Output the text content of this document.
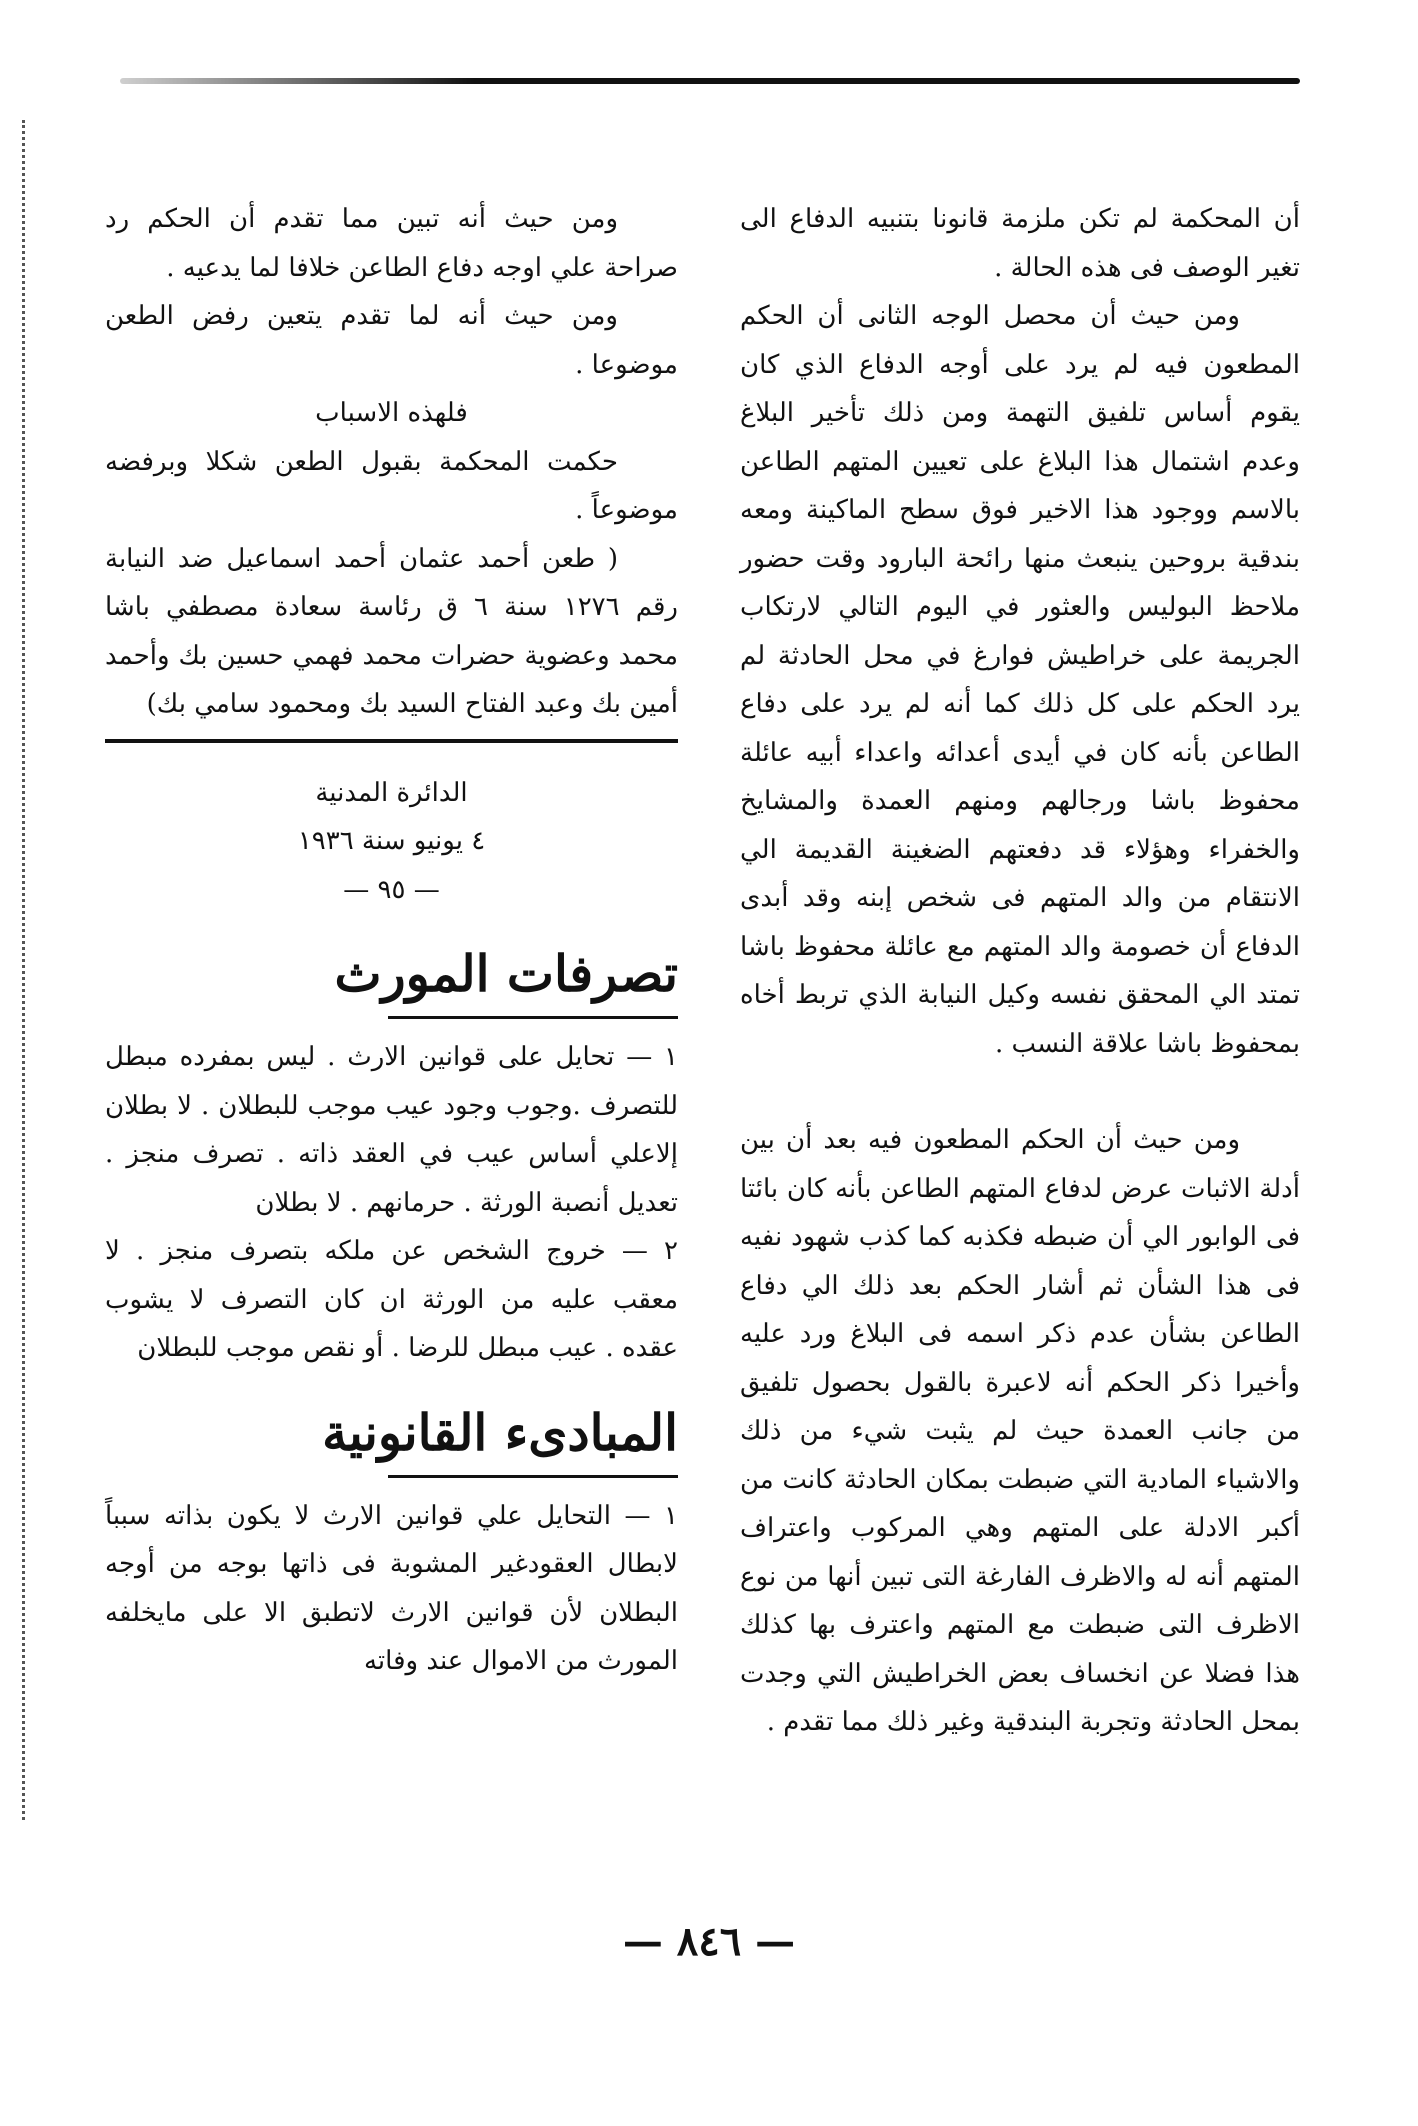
أن المحكمة لم تكن ملزمة قانونا بتنبيه الدفاع الى تغير الوصف فى هذه الحالة .

ومن حيث أن محصل الوجه الثانى أن الحكم المطعون فيه لم يرد على أوجه الدفاع الذي كان يقوم أساس تلفيق التهمة ومن ذلك تأخير البلاغ وعدم اشتمال هذا البلاغ على تعيين المتهم الطاعن بالاسم ووجود هذا الاخير فوق سطح الماكينة ومعه بندقية بروحين ينبعث منها رائحة البارود وقت حضور ملاحظ البوليس والعثور في اليوم التالي لارتكاب الجريمة على خراطيش فوارغ في محل الحادثة لم يرد الحكم على كل ذلك كما أنه لم يرد على دفاع الطاعن بأنه كان في أيدى أعدائه واعداء أبيه عائلة محفوظ باشا ورجالهم ومنهم العمدة والمشايخ والخفراء وهؤلاء قد دفعتهم الضغينة القديمة الي الانتقام من والد المتهم فى شخص إبنه وقد أبدى الدفاع أن خصومة والد المتهم مع عائلة محفوظ باشا تمتد الي المحقق نفسه وكيل النيابة الذي تربط أخاه بمحفوظ باشا علاقة النسب .

ومن حيث أن الحكم المطعون فيه بعد أن بين أدلة الاثبات عرض لدفاع المتهم الطاعن بأنه كان بائتا فى الوابور الي أن ضبطه فكذبه كما كذب شهود نفيه فى هذا الشأن ثم أشار الحكم بعد ذلك الي دفاع الطاعن بشأن عدم ذكر اسمه فى البلاغ ورد عليه وأخيرا ذكر الحكم أنه لاعبرة بالقول بحصول تلفيق من جانب العمدة حيث لم يثبت شيء من ذلك والاشياء المادية التي ضبطت بمكان الحادثة كانت من أكبر الادلة على المتهم وهي المركوب واعتراف المتهم أنه له والاظرف الفارغة التى تبين أنها من نوع الاظرف التى ضبطت مع المتهم واعترف بها كذلك هذا فضلا عن انخساف بعض الخراطيش التي وجدت بمحل الحادثة وتجربة البندقية وغير ذلك مما تقدم .

ومن حيث أنه تبين مما تقدم أن الحكم رد صراحة علي اوجه دفاع الطاعن خلافا لما يدعيه .

ومن حيث أنه لما تقدم يتعين رفض الطعن موضوعا .

فلهذه الاسباب

حكمت المحكمة بقبول الطعن شكلا وبرفضه موضوعاً .

( طعن أحمد عثمان أحمد اسماعيل ضد النيابة رقم ١٢٧٦ سنة ٦ ق رئاسة سعادة مصطفي باشا محمد وعضوية حضرات محمد فهمي حسين بك وأحمد أمين بك وعبد الفتاح السيد بك ومحمود سامي بك)

الدائرة المدنية

٤ يونيو سنة ١٩٣٦

— ٩٥ —

تصرفات المورث

١ — تحايل على قوانين الارث . ليس بمفرده مبطل للتصرف .وجوب وجود عيب موجب للبطلان . لا بطلان إلاعلي أساس عيب في العقد ذاته . تصرف منجز . تعديل أنصبة الورثة . حرمانهم . لا بطلان

٢ — خروج الشخص عن ملكه بتصرف منجز . لا معقب عليه من الورثة ان كان التصرف لا يشوب عقده . عيب مبطل للرضا . أو نقص موجب للبطلان

المبادىء القانونية

١ — التحايل علي قوانين الارث لا يكون بذاته سبباً لابطال العقودغير المشوبة فى ذاتها بوجه من أوجه البطلان لأن قوانين الارث لاتطبق الا على مايخلفه المورث من الاموال عند وفاته

— ٨٤٦ —
